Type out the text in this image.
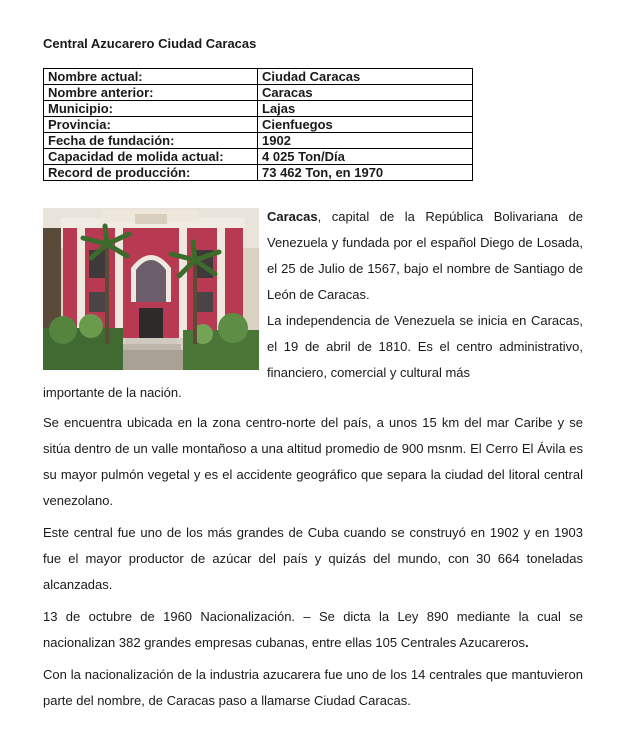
Central Azucarero Ciudad Caracas
Nombre actual:	Ciudad Caracas
Nombre anterior:	Caracas
Municipio:	Lajas
Provincia:	Cienfuegos
Fecha de fundación:	1902
Capacidad de molida actual:	4 025 Ton/Día
Record de producción:	73 462 Ton, en 1970

Caracas, capital de la República Bolivariana de Venezuela y fundada por el español Diego de Losada, el 25 de Julio de 1567, bajo el nombre de Santiago de León de Caracas.

La independencia de Venezuela se inicia en Caracas, el 19 de abril de 1810. Es el centro administrativo, financiero, comercial y cultural más

importante de la nación.

Se encuentra ubicada en la zona centro-norte del país, a unos 15 km del mar Caribe y se sitúa dentro de un valle montañoso a una altitud promedio de 900 msnm. El Cerro El Ávila es su mayor pulmón vegetal y es el accidente geográfico que separa la ciudad del litoral central venezolano.

Este central fue uno de los más grandes de Cuba cuando se construyó en 1902 y en 1903 fue el mayor productor de azúcar del país y quizás del mundo, con 30 664 toneladas alcanzadas.

13 de octubre de 1960 Nacionalización. – Se dicta la Ley 890 mediante la cual se nacionalizan 382 grandes empresas cubanas, entre ellas 105 Centrales Azucareros.

Con la nacionalización de la industria azucarera fue uno de los 14 centrales que mantuvieron parte del nombre, de Caracas paso a llamarse Ciudad Caracas.
